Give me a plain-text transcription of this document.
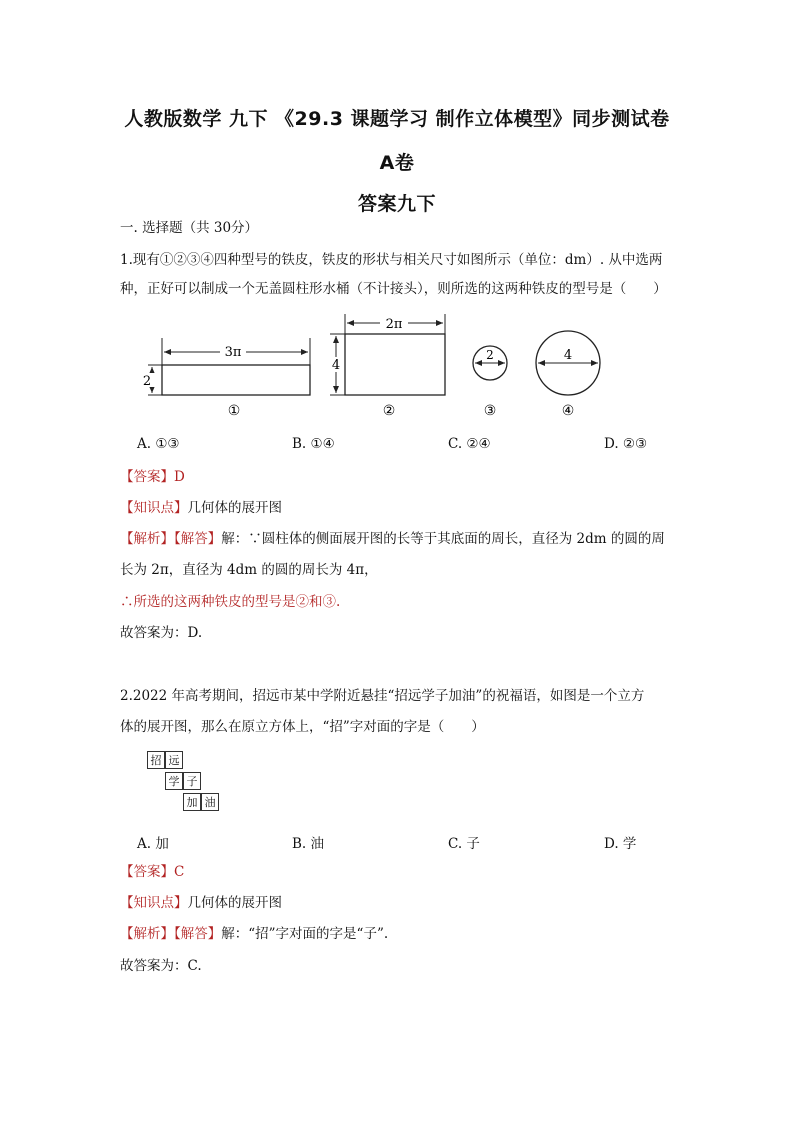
人教版数学 九下 《29.3 课题学习 制作立体模型》同步测试卷
A卷
答案九下
一. 选择题（共 30分）
1.现有①②③④四种型号的铁皮，铁皮的形状与相关尺寸如图所示（单位：dm）. 从中选两
种，正好可以制成一个无盖圆柱形水桶（不计接头），则所选的这两种铁皮的型号是（　　）
3π
2
①
2π
4
②
2
③
4
④
A. ①③	B. ①④	C. ②④	D. ②③
【答案】D
【知识点】几何体的展开图
【解析】【解答】解：∵圆柱体的侧面展开图的长等于其底面的周长，直径为 2dm 的圆的周
长为 2π，直径为 4dm 的圆的周长为 4π，
∴所选的这两种铁皮的型号是②和③.
故答案为：D.
2.2022 年高考期间，招远市某中学附近悬挂“招远学子加油”的祝福语，如图是一个立方
体的展开图，那么在原立方体上，“招”字对面的字是（　　）
招 远
学 子
加 油
A. 加	B. 油	C. 子	D. 学
【答案】C
【知识点】几何体的展开图
【解析】【解答】解：“招”字对面的字是“子”.
故答案为：C.
